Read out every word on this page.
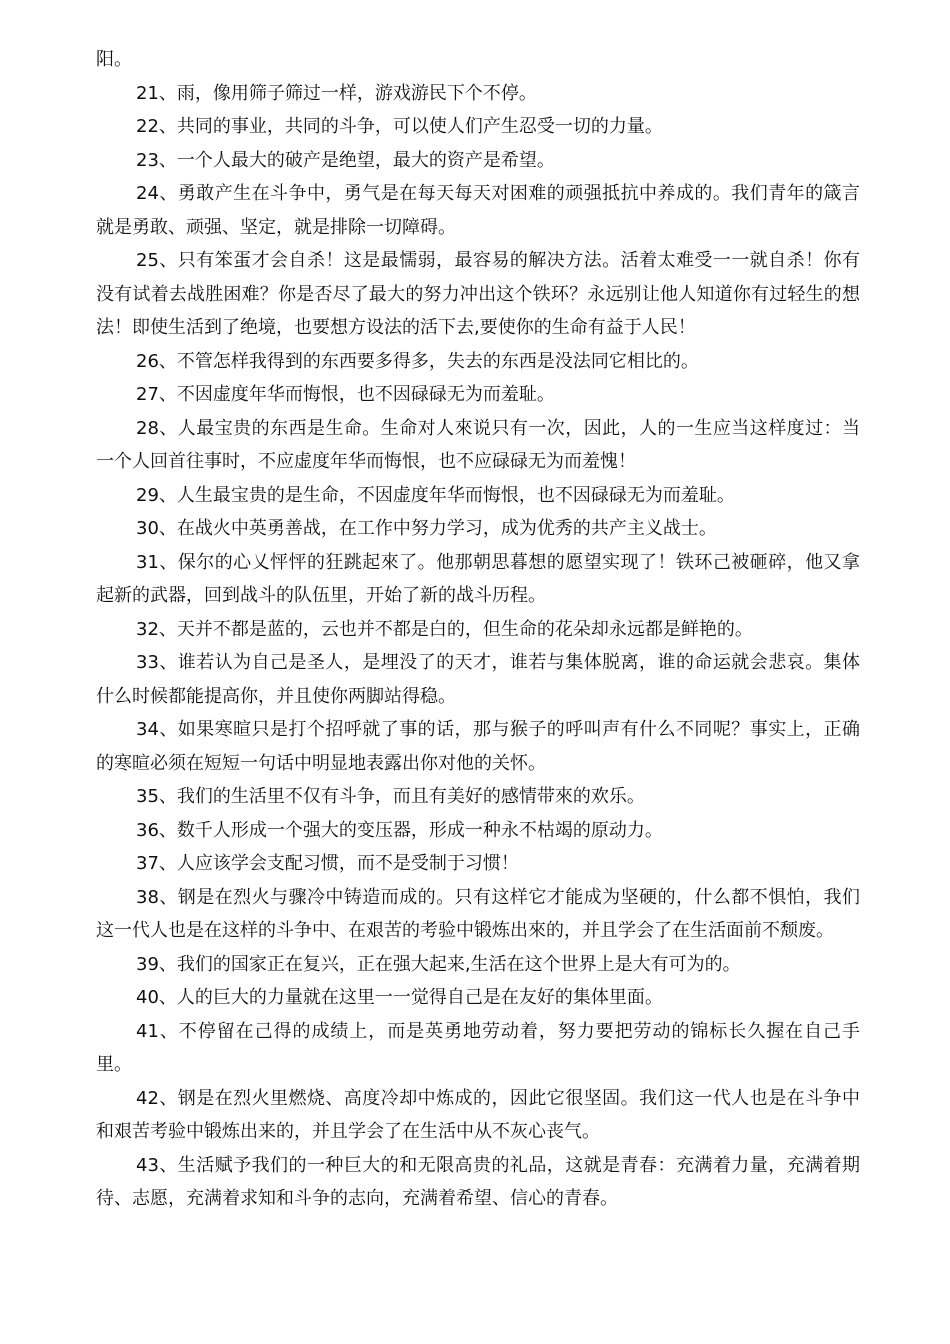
阳。

21、雨，像用筛子筛过一样，游戏游民下个不停。

22、共同的事业，共同的斗争，可以使人们产生忍受一切的力量。

23、一个人最大的破产是绝望，最大的资产是希望。

24、勇敢产生在斗争中，勇气是在每天每天对困难的顽强抵抗中养成的。我们青年的箴言就是勇敢、顽强、坚定，就是排除一切障碍。

25、只有笨蛋才会自杀！这是最懦弱，最容易的解决方法。活着太难受一一就自杀！你有没有试着去战胜困难？你是否尽了最大的努力冲出这个铁环？永远别让他人知道你有过轻生的想法！即使生活到了绝境，也要想方设法的活下去,要使你的生命有益于人民！

26、不管怎样我得到的东西要多得多，失去的东西是没法同它相比的。

27、不因虚度年华而悔恨，也不因碌碌无为而羞耻。

28、人最宝贵的东西是生命。生命对人來说只有一次，因此，人的一生应当这样度过：当一个人回首往事时，不应虚度年华而悔恨，也不应碌碌无为而羞愧！

29、人生最宝贵的是生命，不因虚度年华而悔恨，也不因碌碌无为而羞耻。

30、在战火中英勇善战，在工作中努力学习，成为优秀的共产主义战士。

31、保尔的心乂怦怦的狂跳起來了。他那朝思暮想的愿望实现了！铁环己被砸碎，他又拿起新的武器，回到战斗的队伍里，开始了新的战斗历程。

32、天并不都是蓝的，云也并不都是白的，但生命的花朵却永远都是鲜艳的。

33、谁若认为自己是圣人，是埋没了的天才，谁若与集体脱离，谁的命运就会悲哀。集体什么时候都能提高你，并且使你两脚站得稳。

34、如果寒暄只是打个招呼就了事的话，那与猴子的呼叫声有什么不同呢？事实上，正确的寒暄必须在短短一句话中明显地表露出你对他的关怀。

35、我们的生活里不仅有斗争，而且有美好的感情带來的欢乐。

36、数千人形成一个强大的变压器，形成一种永不枯竭的原动力。

37、人应该学会支配习惯，而不是受制于习惯！

38、钢是在烈火与骤冷中铸造而成的。只有这样它才能成为坚硬的，什么都不惧怕，我们这一代人也是在这样的斗争中、在艰苦的考验中锻炼出來的，并且学会了在生活面前不颓废。

39、我们的国家正在复兴，正在强大起来,生活在这个世界上是大有可为的。

40、人的巨大的力量就在这里一一觉得自己是在友好的集体里面。

41、不停留在己得的成绩上，而是英勇地劳动着，努力要把劳动的锦标长久握在自己手里。

42、钢是在烈火里燃烧、高度冷却中炼成的，因此它很坚固。我们这一代人也是在斗争中和艰苦考验中锻炼出来的，并且学会了在生活中从不灰心丧气。

43、生活赋予我们的一种巨大的和无限高贵的礼品，这就是青春：充满着力量，充满着期待、志愿，充满着求知和斗争的志向，充满着希望、信心的青春。
